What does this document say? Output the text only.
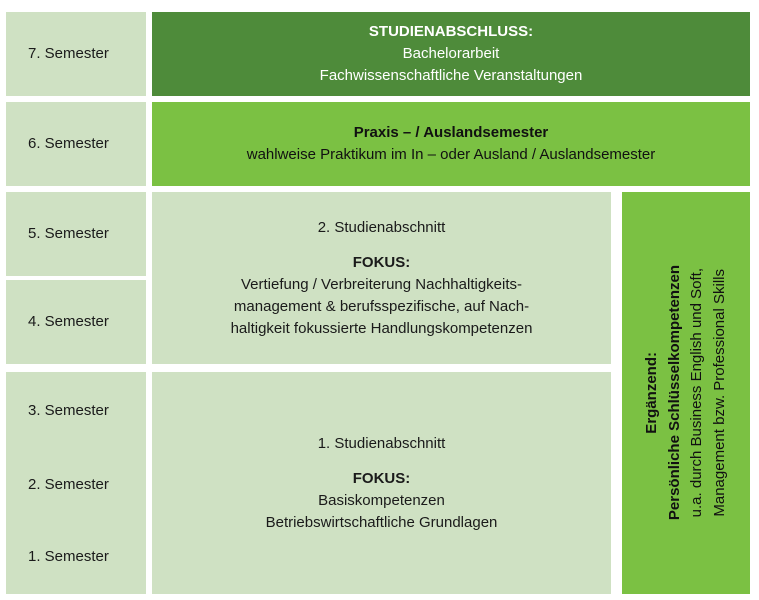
7. Semester
6. Semester
5. Semester
4. Semester
3. Semester
2. Semester
1. Semester
STUDIENABSCHLUSS:
Bachelorarbeit
Fachwissenschaftliche Veranstaltungen
Praxis – / Auslandsemester
wahlweise Praktikum im In – oder Ausland / Auslandsemester
2. Studienabschnitt
FOKUS:
Vertiefung / Verbreiterung Nachhaltigkeits-
management & berufsspezifische, auf Nach-
haltigkeit fokussierte Handlungskompetenzen
1. Studienabschnitt
FOKUS:
Basiskompetenzen
Betriebswirtschaftliche Grundlagen
Ergänzend: Persönliche Schlüsselkompetenzen u.a. durch Business English und Soft, Management bzw. Professional Skills
